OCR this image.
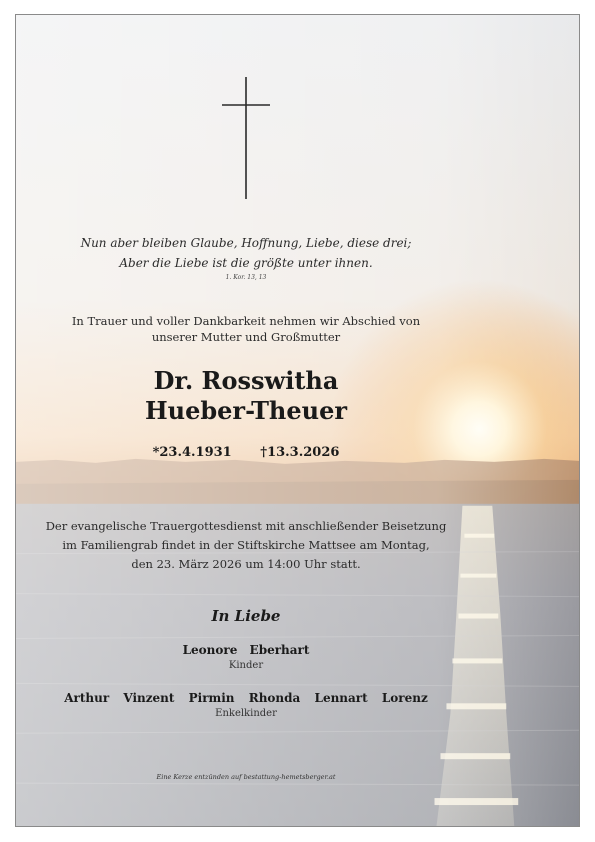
Nun aber bleiben Glaube, Hoffnung, Liebe, diese drei;
Aber die Liebe ist die größte unter ihnen.
1. Kor. 13, 13
In Trauer und voller Dankbarkeit nehmen wir Abschied von
unserer Mutter und Großmutter
Dr. Rosswitha
Hueber-Theuer
*23.4.1931 †13.3.2026
Der evangelische Trauergottesdienst mit anschließender Beisetzung
im Familiengrab findet in der Stiftskirche Mattsee am Montag,
den 23. März 2026 um 14:00 Uhr statt.
In Liebe
Leonore Eberhart
Kinder
Arthur Vinzent Pirmin Rhonda Lennart Lorenz
Enkelkinder
Eine Kerze entzünden auf bestattung-hemetsberger.at
